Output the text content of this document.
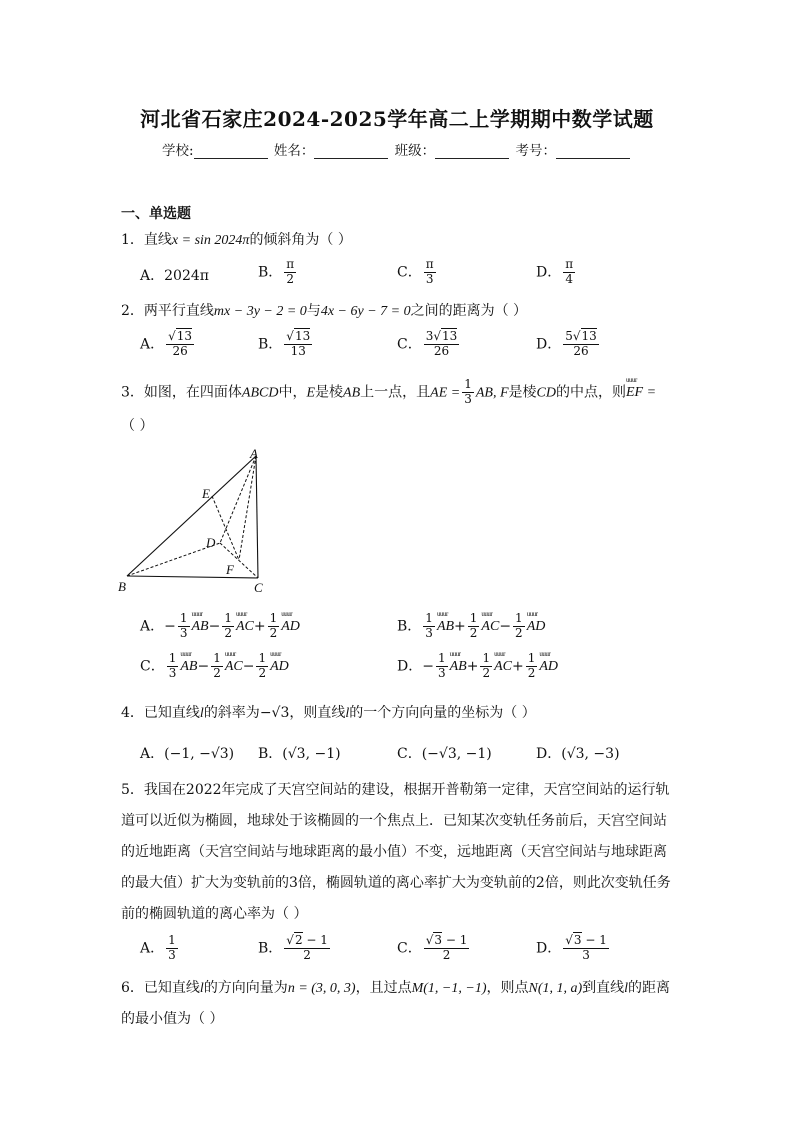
河北省石家庄2024-2025学年高二上学期期中数学试题
学校:	姓名：	班级：	考号：
一、单选题
1．直线x = sin 2024π的倾斜角为（ ）
A．2024π	B． $\frac{\pi}{2}$	C． $\frac{\pi}{3}$	D． $\frac{\pi}{4}$
2．两平行直线mx − 3y − 2 = 0与4x − 6y − 7 = 0之间的距离为（ ）
A． $\frac{√13}{26}$	B． $\frac{√13}{13}$	C． $\frac{3√13}{26}$	D． $\frac{5√13}{26}$
3．如图，在四面体ABCD中，E是棱AB上一点，且AE = $\frac{1}{3}$ AB, F是棱CD的中点，则uuur EF =
（ ）
A
B	C
D
E
F
A．− $\frac{1}{3}$ uuur $AB- \frac{1}{2}$ uuur $AC+ \frac{1}{2}$ uuur AD	B． $\frac{1}{3}$ uuur $AB+ \frac{1}{2}$ uuur $AC- \frac{1}{2}$ uuur AD
C． $\frac{1}{3}$ uuur $AB- \frac{1}{2}$ uuur $AC- \frac{1}{2}$ uuur AD	D．− $\frac{1}{3}$ uuur $AB+ \frac{1}{2}$ uuur $AC+ \frac{1}{2}$ uuur AD
4．已知直线l的斜率为−√3，则直线l的一个方向向量的坐标为（ ）
A．(−1, −√3) B．(√3, −1)	C．(−√3, −1)	D．(√3, −3)
5．我国在2022年完成了天宫空间站的建设，根据开普勒第一定律，天宫空间站的运行轨道可以近似为椭圆，地球处于该椭圆的一个焦点上．已知某次变轨任务前后，天宫空间站的近地距离（天宫空间站与地球距离的最小值）不变，远地距离（天宫空间站与地球距离的最大值）扩大为变轨前的3倍，椭圆轨道的离心率扩大为变轨前的2倍，则此次变轨任务前的椭圆轨道的离心率为（ ）
A． $\frac{1}{3}$	B． $\frac{√2 - 1}{2}$	C． $\frac{√3 - 1}{2}$	D． $\frac{√3 - 1}{3}$
6．已知直线l的方向向量为n = (3, 0, 3)，且过点M(1, −1, −1)，则点N(1, 1, a)到直线l的距离
的最小值为（ ）
